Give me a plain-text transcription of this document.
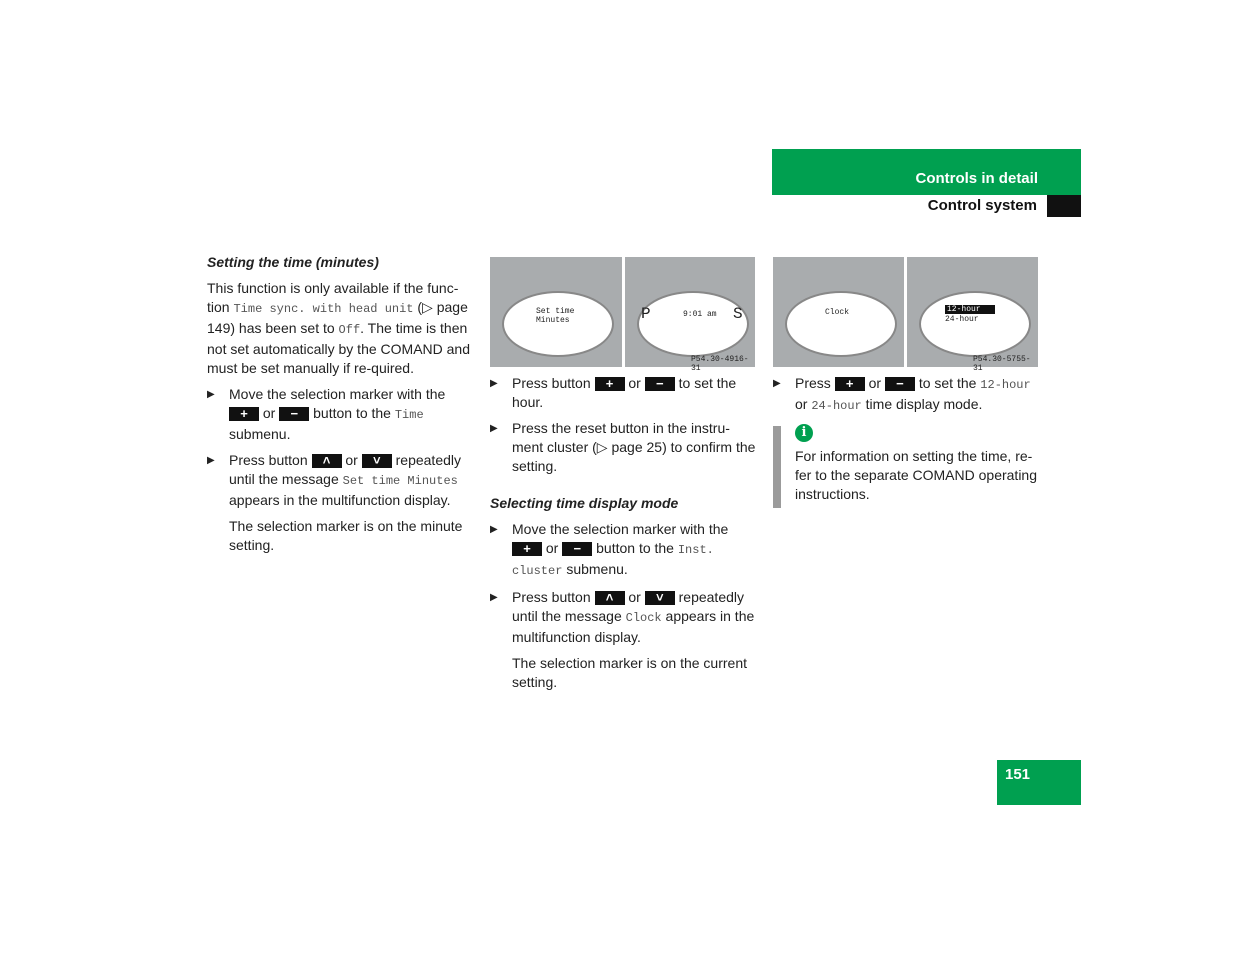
Controls in detail
Control system

Setting the time (minutes)

This function is only available if the func-tion Time sync. with head unit (▷ page 149) has been set to Off. The time is then not set automatically by the COMAND and must be set manually if re-quired.

▶ Move the selection marker with the + or − button to the Time submenu.
▶ Press button ˄ or ˅ repeatedly until the message Set time Minutes appears in the multifunction display.

The selection marker is on the minute setting.

Set time
Minutes	P	S
9:01 am
P54.30-4916-31
▶ Press button + or − to set the hour.
▶ Press the reset button in the instru-ment cluster (▷ page 25) to confirm the setting.

Selecting time display mode

▶ Move the selection marker with the + or − button to the Inst. cluster submenu.
▶ Press button ˄ or ˅ repeatedly until the message Clock appears in the multifunction display.

The selection marker is on the current setting.

Clock	12-hour
24-hour
P54.30-5755-31
▶ Press + or − to set the 12-hour or 24-hour time display mode.
i
For information on setting the time, re-fer to the separate COMAND operating instructions.
151
